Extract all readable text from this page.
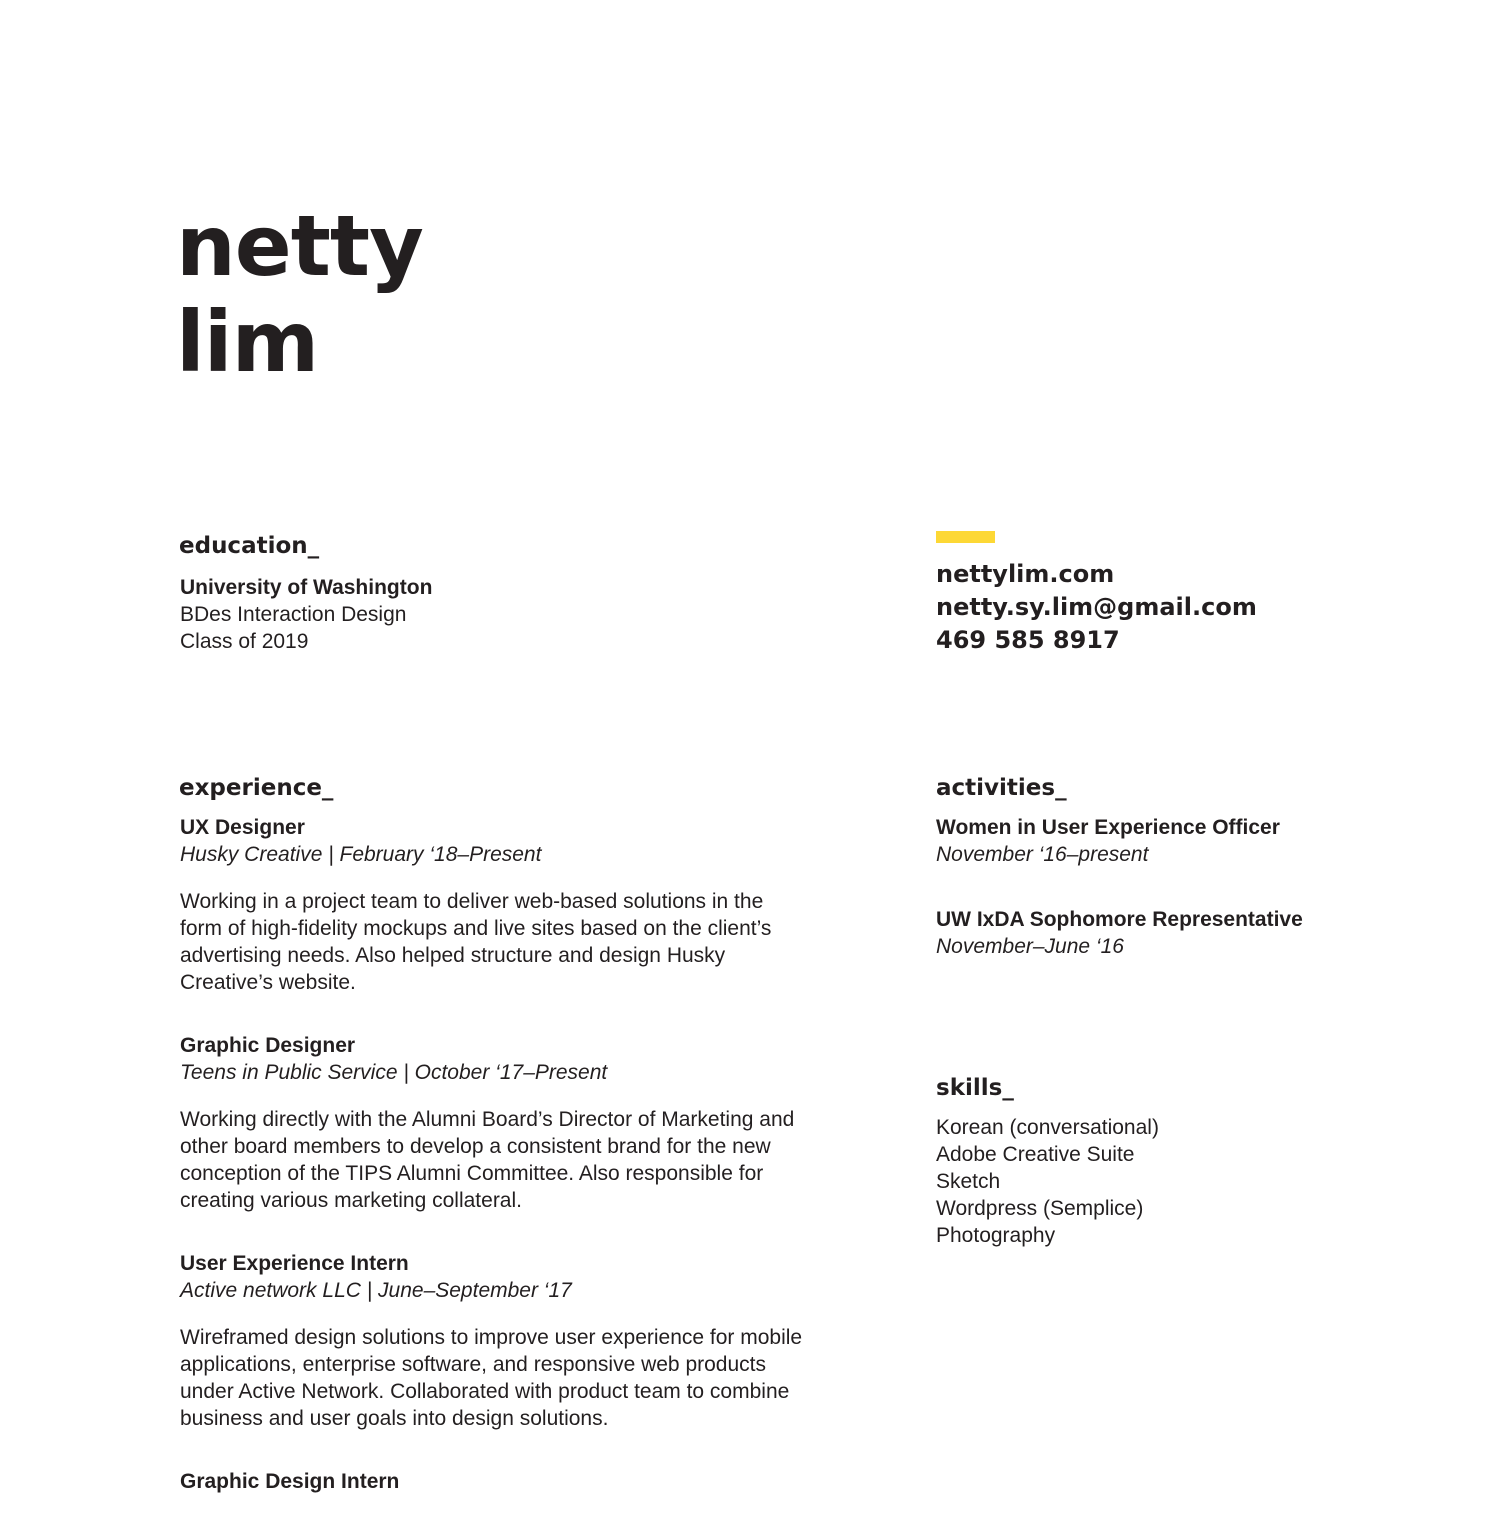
netty
lim
education_
University of Washington
BDes Interaction Design
Class of 2019
nettylim.com
netty.sy.lim@gmail.com
469 585 8917
experience_
UX Designer
Husky Creative | February ‘18–Present

Working in a project team to deliver web-based solutions in the form of high-fidelity mockups and live sites based on the client’s advertising needs. Also helped structure and design Husky Creative’s website.

Graphic Designer
Teens in Public Service | October ‘17–Present

Working directly with the Alumni Board’s Director of Marketing and other board members to develop a consistent brand for the new conception of the TIPS Alumni Committee. Also responsible for creating various marketing collateral.

User Experience Intern
Active network LLC | June–September ‘17

Wireframed design solutions to improve user experience for mobile applications, enterprise software, and responsive web products under Active Network. Collaborated with product team to combine business and user goals into design solutions.

Graphic Design Intern
activities_
Women in User Experience Officer
November ‘16–present
UW IxDA Sophomore Representative
November–June ‘16
skills_
Korean (conversational)
Adobe Creative Suite
Sketch
Wordpress (Semplice)
Photography
